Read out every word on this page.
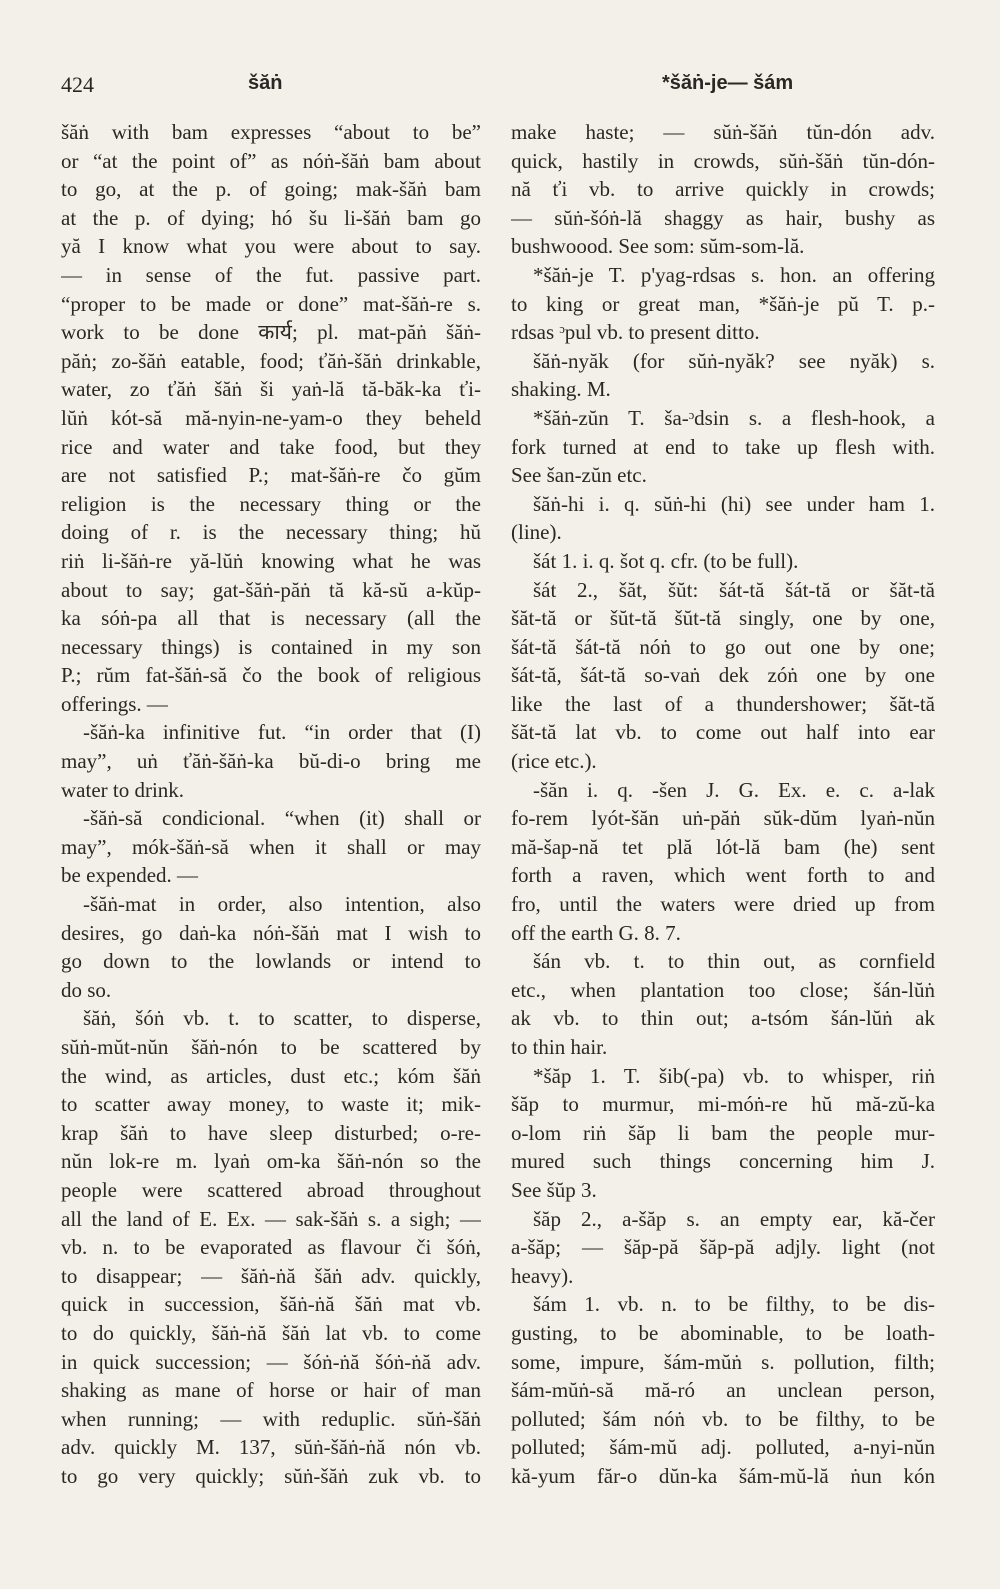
424	šăṅ	*šăṅ-je— šám
šăṅ with bam expresses “about to be”
or “at the point of” as nóṅ-šăṅ bam about
to go, at the p. of going; mak-šăṅ bam
at the p. of dying; hó šu li-šăṅ bam go
yă I know what you were about to say.
— in sense of the fut. passive part.
“proper to be made or done” mat-šăṅ-re s.
work to be done कार्य; pl. mat-păṅ šăṅ-
păṅ; zo-šăṅ eatable, food; ťăṅ-šăṅ drinkable,
water, zo ťăṅ šăṅ ši yaṅ-lă tă-băk-ka ťi-
lŭṅ kót-să mă-nyin-ne-yam-o they beheld
rice and water and take food, but they
are not satisfied P.; mat-šăṅ-re čo gŭm
religion is the necessary thing or the
doing of r. is the necessary thing; hŭ
riṅ li-šăṅ-re yă-lŭṅ knowing what he was
about to say; gat-šăṅ-păṅ tă kă-sŭ a-kŭp-
ka sóṅ-pa all that is necessary (all the
necessary things) is contained in my son
P.; rŭm fat-šăṅ-să čo the book of religious
offerings. —
-šăṅ-ka infinitive fut. “in order that (I)
may”, uṅ ťăṅ-šăṅ-ka bŭ-di-o bring me
water to drink.
-šăṅ-să condicional. “when (it) shall or
may”, mók-šăṅ-să when it shall or may
be expended. —
-šăṅ-mat in order, also intention, also
desires, go daṅ-ka nóṅ-šăṅ mat I wish to
go down to the lowlands or intend to
do so.
šăṅ, šóṅ vb. t. to scatter, to disperse,
sŭṅ-mŭt-nŭn šăṅ-nón to be scattered by
the wind, as articles, dust etc.; kóm šăṅ
to scatter away money, to waste it; mik-
krap šăṅ to have sleep disturbed; o-re-
nŭn lok-re m. lyaṅ om-ka šăṅ-nón so the
people were scattered abroad throughout
all the land of E. Ex. — sak-šăṅ s. a sigh; —
vb. n. to be evaporated as flavour či šóṅ,
to disappear; — šăṅ-ṅă šăṅ adv. quickly,
quick in succession, šăṅ-ṅă šăṅ mat vb.
to do quickly, šăṅ-ṅă šăṅ lat vb. to come
in quick succession; — šóṅ-ṅă šóṅ-ṅă adv.
shaking as mane of horse or hair of man
when running; — with reduplic. sŭṅ-šăṅ
adv. quickly M. 137, sŭṅ-šăṅ-ṅă nón vb.
to go very quickly; sŭṅ-šăṅ zuk vb. to
make haste; — sŭṅ-šăṅ tŭn-dón adv.
quick, hastily in crowds, sŭṅ-šăṅ tŭn-dón-
nă ťi vb. to arrive quickly in crowds;
— sŭṅ-šóṅ-lă shaggy as hair, bushy as
bushwoood. See som: sŭm-som-lă.
*šăṅ-je T. p'yag-rdsas s. hon. an offering
to king or great man, *šăṅ-je pŭ T. p.-
rdsas ᵓpul vb. to present ditto.
šăṅ-nyăk (for sŭṅ-nyăk? see nyăk) s.
shaking. M.
*šăṅ-zŭn T. ša-ᵓdsin s. a flesh-hook, a
fork turned at end to take up flesh with.
See šan-zŭn etc.
šăṅ-hi i. q. sŭṅ-hi (hi) see under ham 1.
(line).
šát 1. i. q. šot q. cfr. (to be full).
šát 2., šăt, šŭt: šát-tă šát-tă or šăt-tă
šăt-tă or šŭt-tă šŭt-tă singly, one by one,
šát-tă šát-tă nóṅ to go out one by one;
šát-tă, šát-tă so-vaṅ dek zóṅ one by one
like the last of a thundershower; šăt-tă
šăt-tă lat vb. to come out half into ear
(rice etc.).
-šăn i. q. -šen J. G. Ex. e. c. a-lak
fo-rem lyót-šăn uṅ-păṅ sŭk-dŭm lyaṅ-nŭn
mă-šap-nă tet plă lót-lă bam (he) sent
forth a raven, which went forth to and
fro, until the waters were dried up from
off the earth G. 8. 7.
šán vb. t. to thin out, as cornfield
etc., when plantation too close; šán-lŭṅ
ak vb. to thin out; a-tsóm šán-lŭṅ ak
to thin hair.
*šăp 1. T. šib(-pa) vb. to whisper, riṅ
šăp to murmur, mi-móṅ-re hŭ mă-zŭ-ka
o-lom riṅ šăp li bam the people mur-
mured such things concerning him J.
See šŭp 3.
šăp 2., a-šăp s. an empty ear, kă-čer
a-šăp; — šăp-pă šăp-pă adjly. light (not
heavy).
šám 1. vb. n. to be filthy, to be dis-
gusting, to be abominable, to be loath-
some, impure, šám-mŭṅ s. pollution, filth;
šám-mŭṅ-să mă-ró an unclean person,
polluted; šám nóṅ vb. to be filthy, to be
polluted; šám-mŭ adj. polluted, a-nyi-nŭn
kă-yum făr-o dŭn-ka šám-mŭ-lă ṅun kón
